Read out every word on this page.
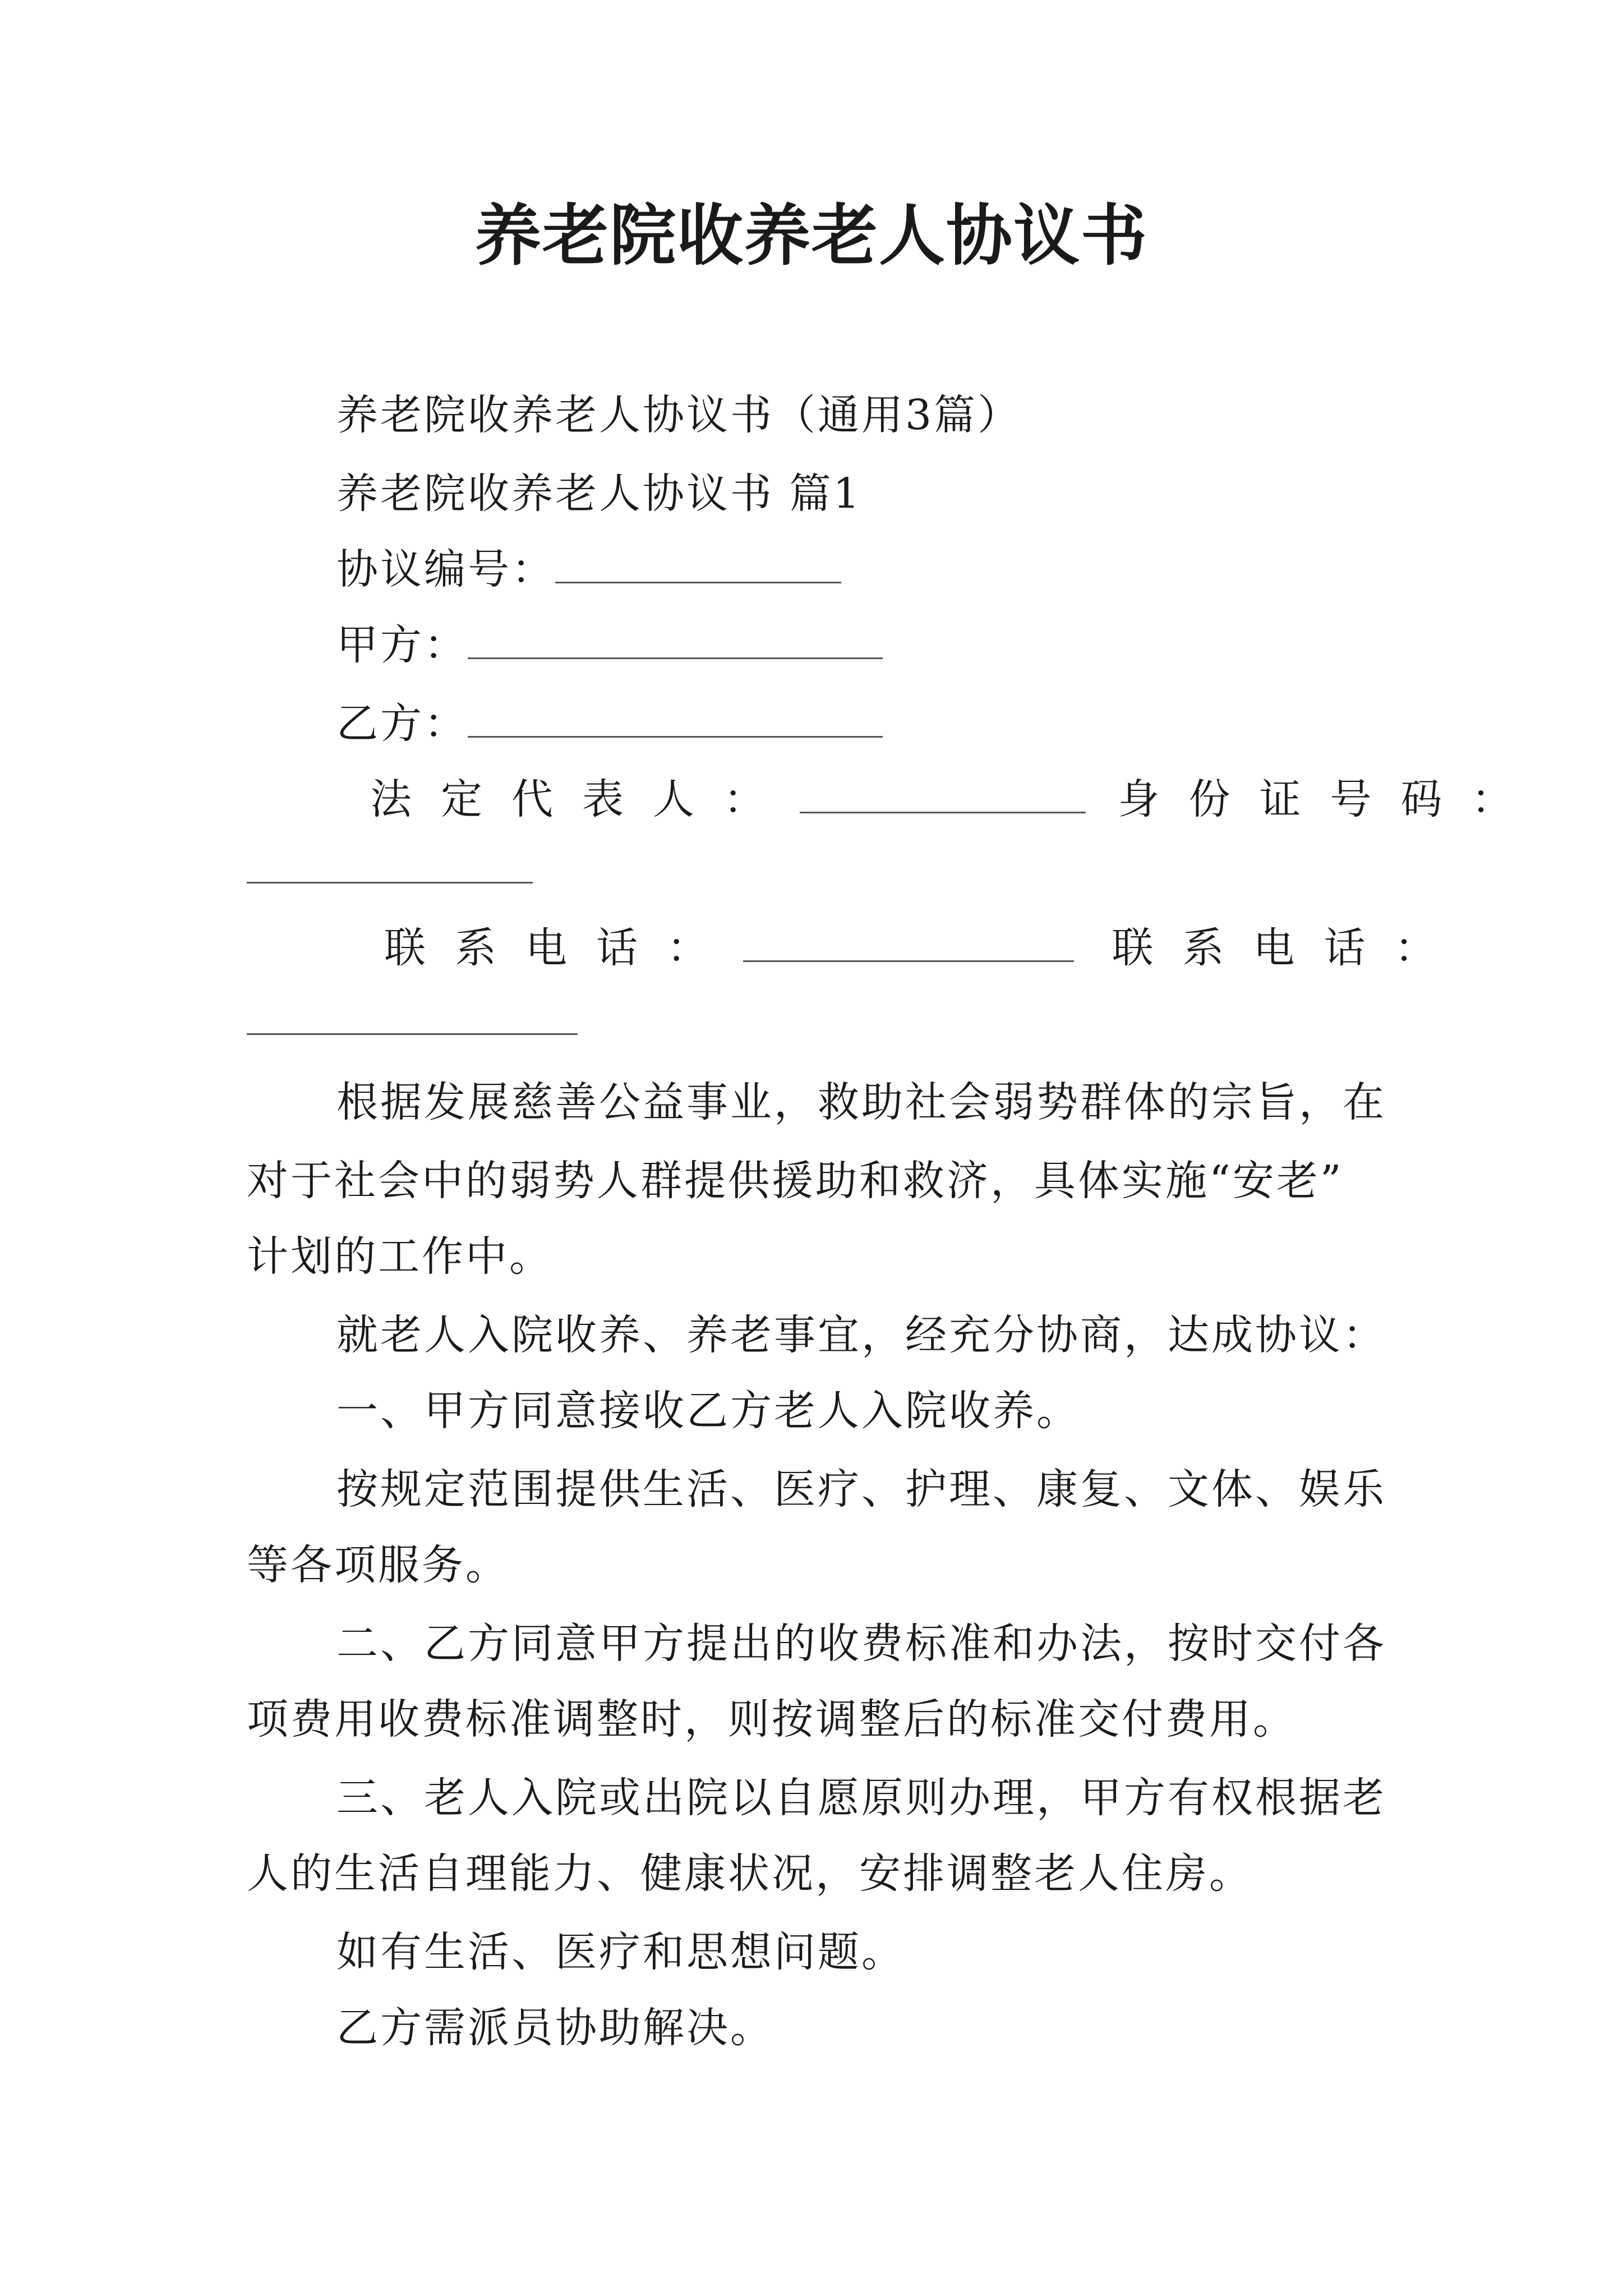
养老院收养老人协议书
养老院收养老人协议书（通用3篇）
养老院收养老人协议书 篇1
协议编号：
甲方：
乙方：
法定代表人：	身份证号码：
联系电话：	联系电话：
根据发展慈善公益事业，救助社会弱势群体的宗旨，在
对于社会中的弱势人群提供援助和救济，具体实施“安老”
计划的工作中。
就老人入院收养、养老事宜，经充分协商，达成协议：
一、甲方同意接收乙方老人入院收养。
按规定范围提供生活、医疗、护理、康复、文体、娱乐
等各项服务。
二、乙方同意甲方提出的收费标准和办法，按时交付各
项费用收费标准调整时，则按调整后的标准交付费用。
三、老人入院或出院以自愿原则办理，甲方有权根据老
人的生活自理能力、健康状况，安排调整老人住房。
如有生活、医疗和思想问题。
乙方需派员协助解决。
